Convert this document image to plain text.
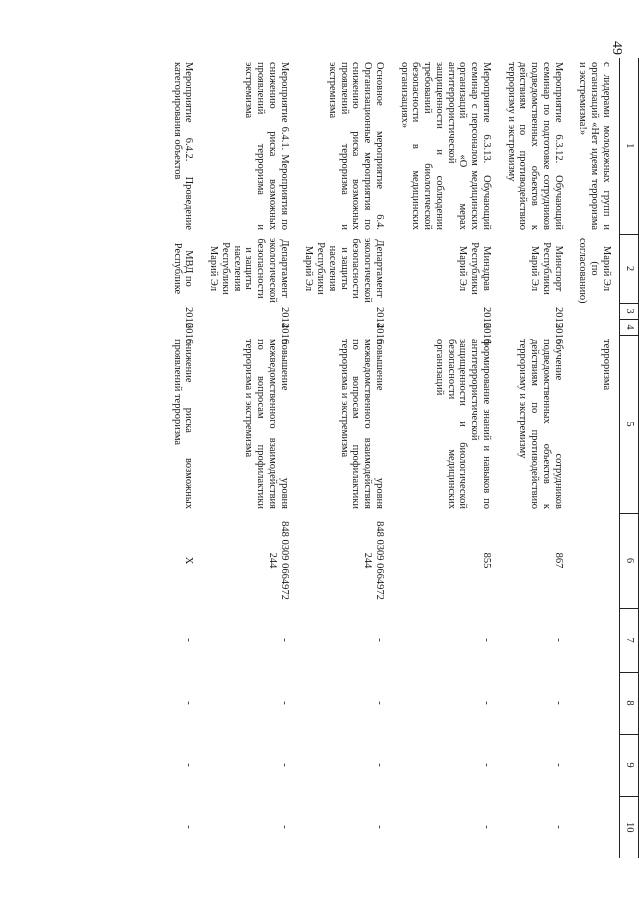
49
1	2	3	4	5	6	7	8	9	10
с лидерами молодежных групп и организаций «Нет идеям терроризма и экстремизма!»	Марий Эл (по согласованию)			терроризма					
Мероприятие 6.3.12. Обучающий семинар по подготовке сотрудников подведомственных объектов к действиям по противодействию терроризму и экстремизму	Минспорт Республики Марий Эл	2015	2016	обучение сотрудников подведомственных объектов к действиям по противодействию терроризму и экстремизму	867	-	-	-	-
Мероприятие 6.3.13. Обучающий семинар с персоналом медицинских организаций «О мерах антитеррористической защищенности и соблюдении требований биологической безопасности в медицинских организациях»	Минздрав Республики Марий Эл	2016	2016	формирование знаний и навыков по антитеррористической защищенности и биологической безопасности медицинских организаций	855	-	-	-	-
Основное мероприятие 6.4. Организационные мероприятия по снижению риска возможных проявлений терроризма и экстремизма	Департамент экологической безопасности и защиты населения Республики Марий Эл	2014	2016	повышение уровня межведомственного взаимодействия по вопросам профилактики терроризма и экстремизма	848 0309 0664972 244	-	-	-	-
Мероприятие 6.4.1. Мероприятия по снижению риска возможных проявлений терроризма и экстремизма	Департамент экологической безопасности и защиты населения Республики Марий Эл	2014	2016	повышение уровня межведомственного взаимодействия по вопросам профилактики терроризма и экстремизма	848 0309 0664972 244	-	-	-	-
Мероприятие 6.4.2. Проведение категорирования объектов	МВД по Республике	2016	2016	снижение риска возможных проявлений терроризма	X	-	-	-	-
